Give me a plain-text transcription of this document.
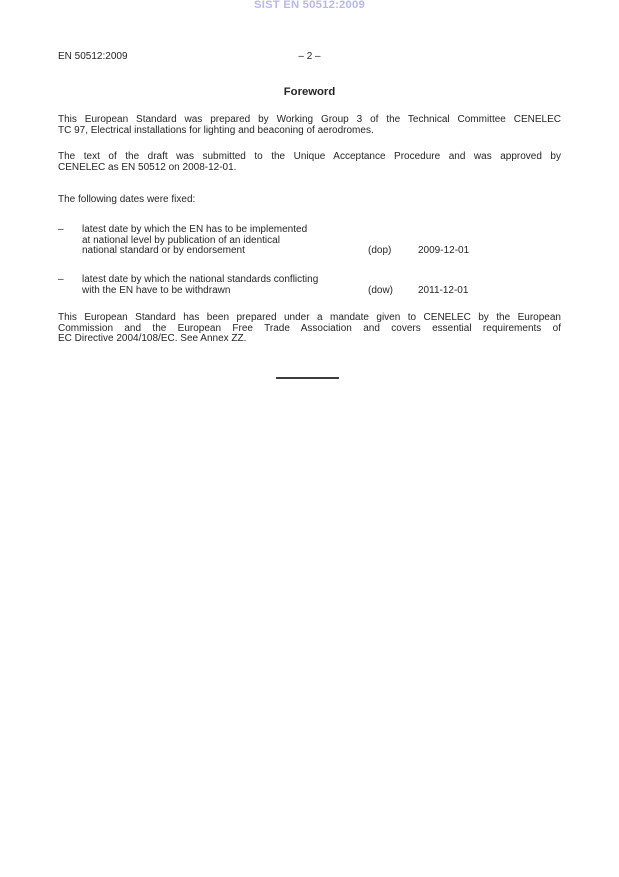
SIST EN 50512:2009
EN 50512:2009	– 2 –
Foreword
This European Standard was prepared by Working Group 3 of the Technical Committee CENELEC
TC 97, Electrical installations for lighting and beaconing of aerodromes.
The text of the draft was submitted to the Unique Acceptance Procedure and was approved by
CENELEC as EN 50512 on 2008-12-01.
The following dates were fixed:
– latest date by which the EN has to be implemented
at national level by publication of an identical
national standard or by endorsement	(dop)	2009-12-01
– latest date by which the national standards conflicting
with the EN have to be withdrawn	(dow) 2011-12-01
This European Standard has been prepared under a mandate given to CENELEC by the European
Commission and the European Free Trade Association and covers essential requirements of
EC Directive 2004/108/EC. See Annex ZZ.
